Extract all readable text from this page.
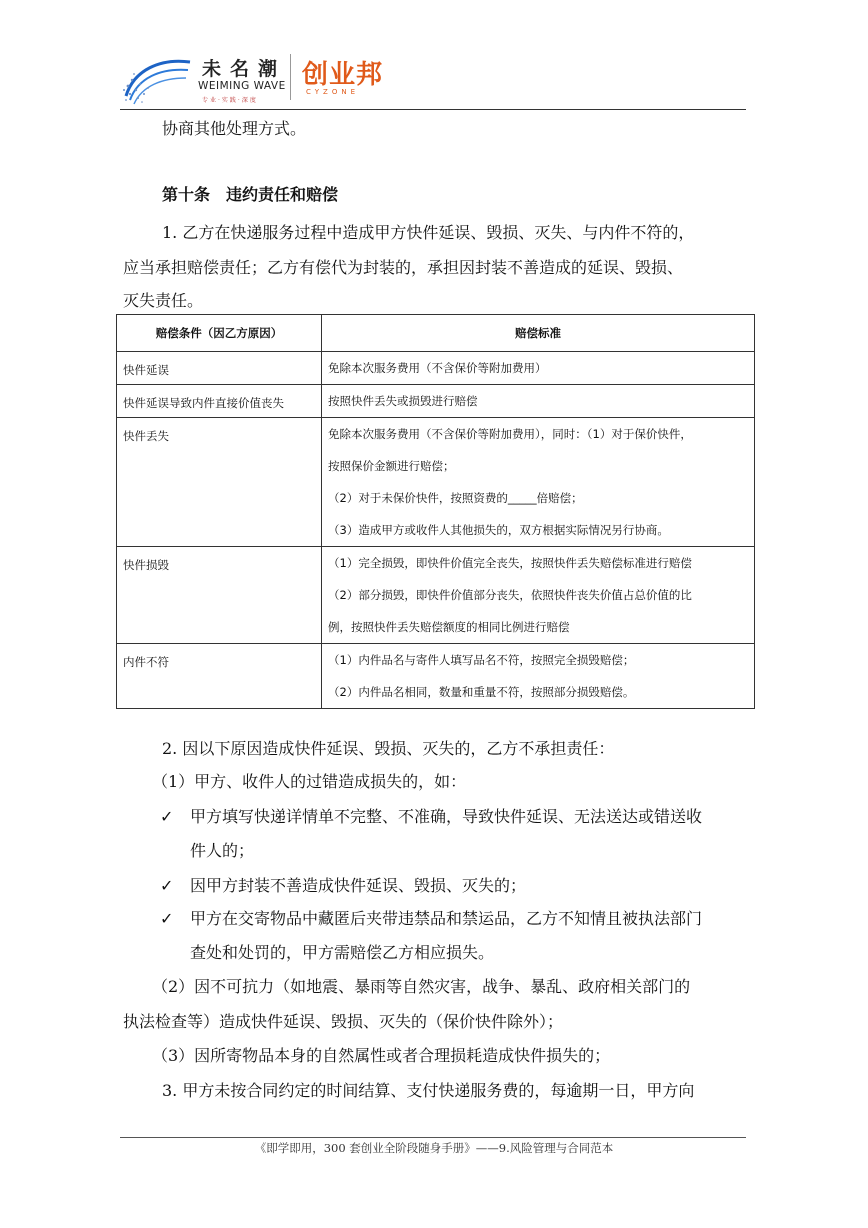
未名潮
WEIMING WAVE
专业·实践·深度
创业邦
CYZONE
协商其他处理方式。
第十条　违约责任和赔偿
1. 乙方在快递服务过程中造成甲方快件延误、毁损、灭失、与内件不符的，
应当承担赔偿责任；乙方有偿代为封装的，承担因封装不善造成的延误、毁损、
灭失责任。
赔偿条件（因乙方原因）	赔偿标准
快件延误	免除本次服务费用（不含保价等附加费用）

快件延误导致内件直接价值丧失	按照快件丢失或损毁进行赔偿

快件丢失	免除本次服务费用（不含保价等附加费用），同时：（1）对于保价快件，
按照保价金额进行赔偿；
（2）对于未保价快件，按照资费的_____倍赔偿；
（3）造成甲方或收件人其他损失的，双方根据实际情况另行协商。

快件损毁	（1）完全损毁，即快件价值完全丧失，按照快件丢失赔偿标准进行赔偿
（2）部分损毁，即快件价值部分丧失，依照快件丧失价值占总价值的比
例，按照快件丢失赔偿额度的相同比例进行赔偿

内件不符	（1）内件品名与寄件人填写品名不符，按照完全损毁赔偿；
（2）内件品名相同，数量和重量不符，按照部分损毁赔偿。
2. 因以下原因造成快件延误、毁损、灭失的，乙方不承担责任：
（1）甲方、收件人的过错造成损失的，如：
✓ 甲方填写快递详情单不完整、不准确，导致快件延误、无法送达或错送收
件人的；
✓ 因甲方封装不善造成快件延误、毁损、灭失的；
✓ 甲方在交寄物品中藏匿后夹带违禁品和禁运品，乙方不知情且被执法部门
查处和处罚的，甲方需赔偿乙方相应损失。
（2）因不可抗力（如地震、暴雨等自然灾害，战争、暴乱、政府相关部门的
执法检查等）造成快件延误、毁损、灭失的（保价快件除外）；
（3）因所寄物品本身的自然属性或者合理损耗造成快件损失的；
3. 甲方未按合同约定的时间结算、支付快递服务费的，每逾期一日，甲方向
《即学即用，300 套创业全阶段随身手册》——9.风险管理与合同范本
